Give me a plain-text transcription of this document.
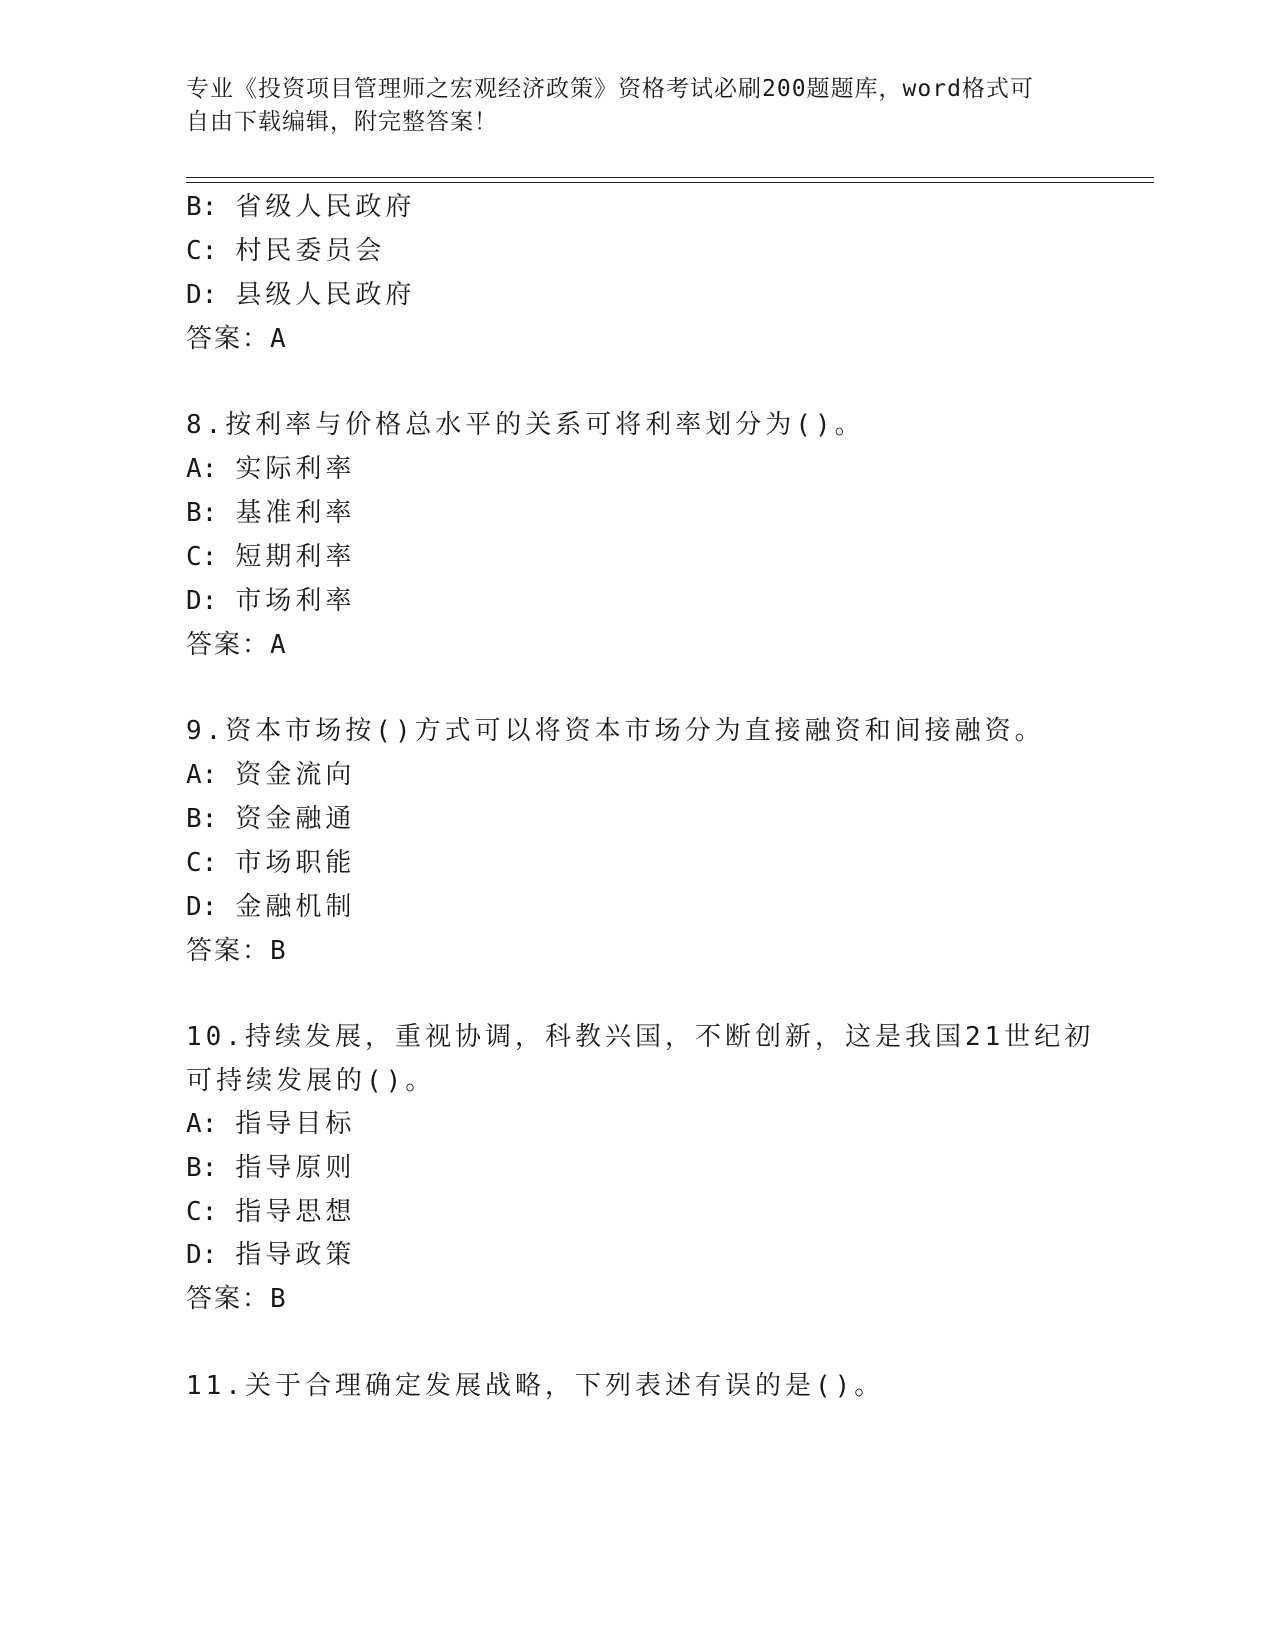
专业《投资项目管理师之宏观经济政策》资格考试必刷200题题库，word格式可
自由下载编辑，附完整答案！

B: 省级人民政府

C: 村民委员会

D: 县级人民政府

答案：A

8.按利率与价格总水平的关系可将利率划分为()。

A: 实际利率

B: 基准利率

C: 短期利率

D: 市场利率

答案：A

9.资本市场按()方式可以将资本市场分为直接融资和间接融资。

A: 资金流向

B: 资金融通

C: 市场职能

D: 金融机制

答案：B

10.持续发展，重视协调，科教兴国，不断创新，这是我国21世纪初

可持续发展的()。

A: 指导目标

B: 指导原则

C: 指导思想

D: 指导政策

答案：B

11.关于合理确定发展战略，下列表述有误的是()。
